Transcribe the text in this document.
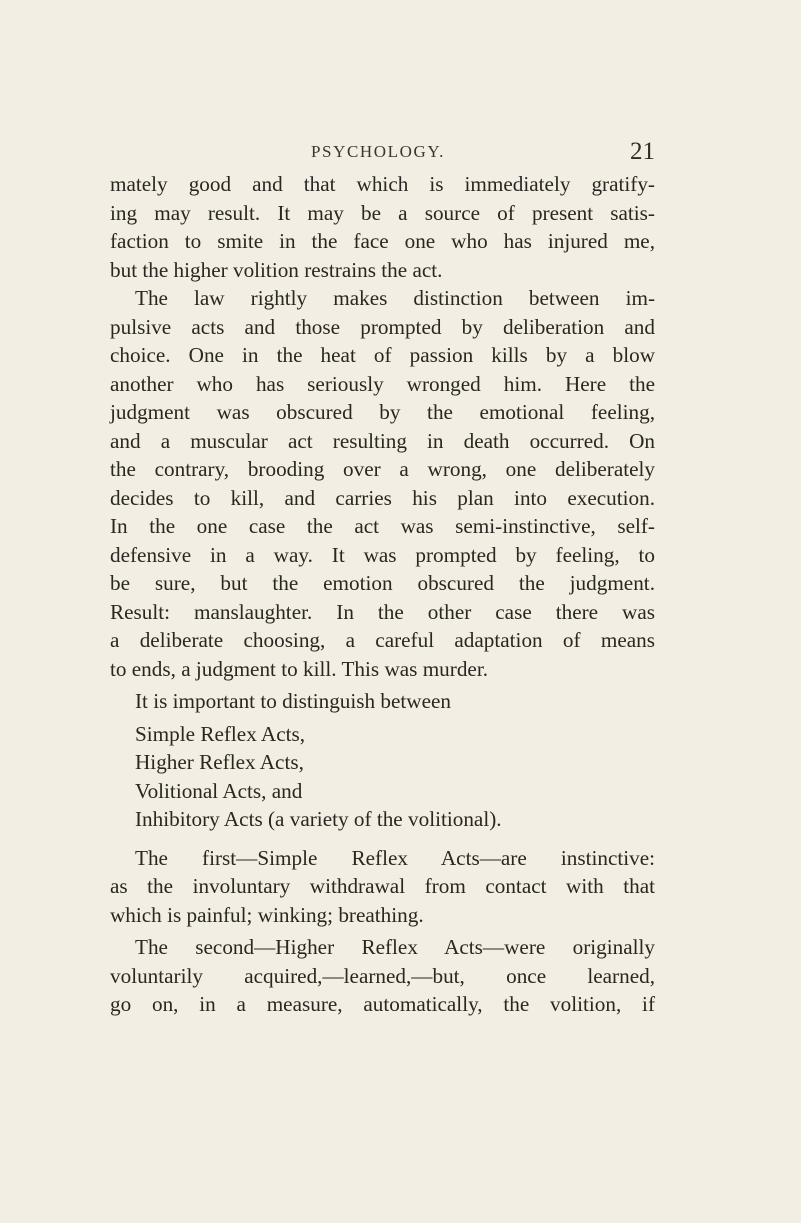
PSYCHOLOGY.	21
mately good and that which is immediately gratify-
ing may result. It may be a source of present satis-
faction to smite in the face one who has injured me,
but the higher volition restrains the act.
The law rightly makes distinction between im-
pulsive acts and those prompted by deliberation and
choice. One in the heat of passion kills by a blow
another who has seriously wronged him. Here the
judgment was obscured by the emotional feeling,
and a muscular act resulting in death occurred. On
the contrary, brooding over a wrong, one deliberately
decides to kill, and carries his plan into execution.
In the one case the act was semi-instinctive, self-
defensive in a way. It was prompted by feeling, to
be sure, but the emotion obscured the judgment.
Result: manslaughter. In the other case there was
a deliberate choosing, a careful adaptation of means
to ends, a judgment to kill. This was murder.
It is important to distinguish between
Simple Reflex Acts,
Higher Reflex Acts,
Volitional Acts, and
Inhibitory Acts (a variety of the volitional).
The first—Simple Reflex Acts—are instinctive:
as the involuntary withdrawal from contact with that
which is painful; winking; breathing.
The second—Higher Reflex Acts—were originally
voluntarily acquired,—learned,—but, once learned,
go on, in a measure, automatically, the volition, if
